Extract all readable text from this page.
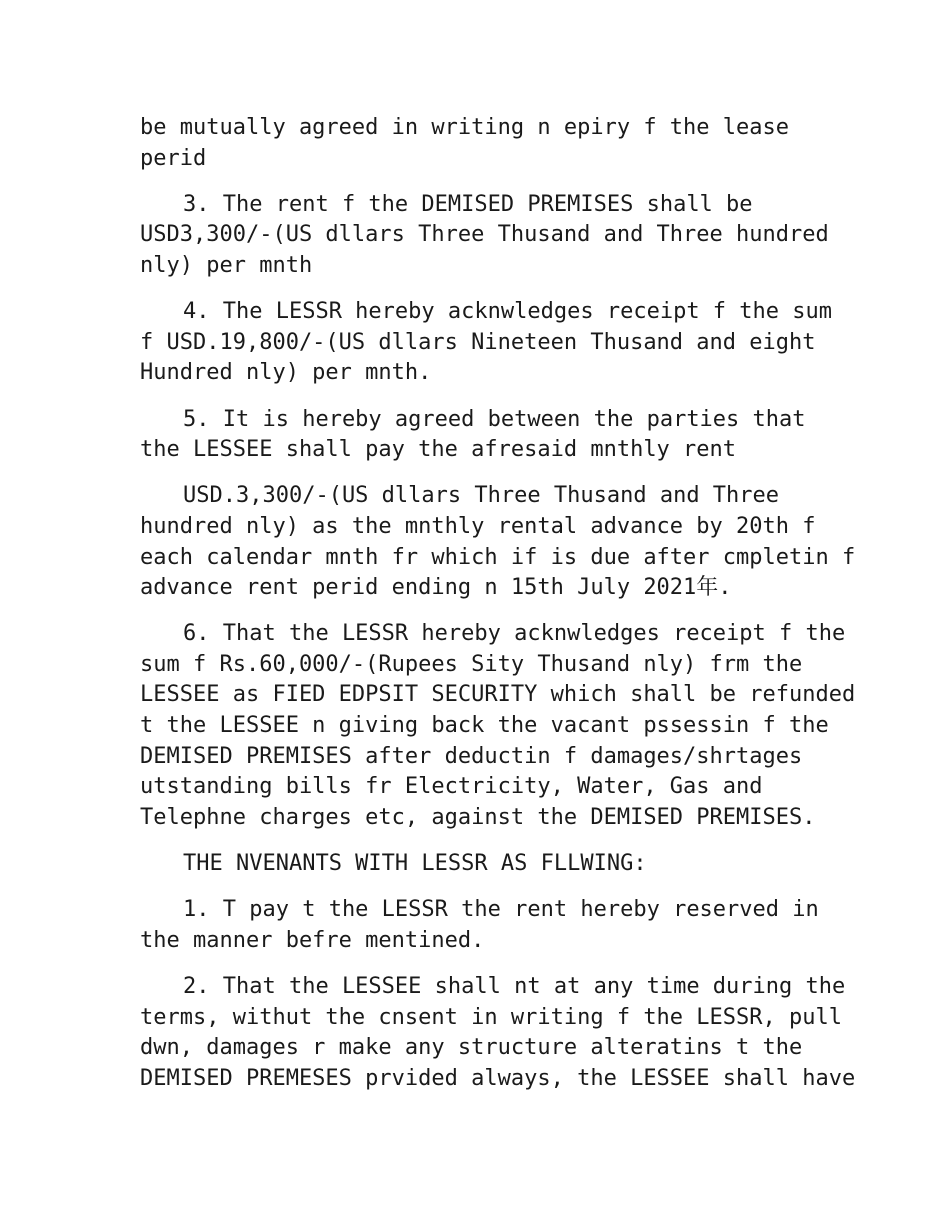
be mutually agreed in writing n epiry f the lease
perid
3. The rent f the DEMISED PREMISES shall be
USD3,300/-(US dllars Three Thusand and Three hundred
nly) per mnth
4. The LESSR hereby acknwledges receipt f the sum
f USD.19,800/-(US dllars Nineteen Thusand and eight
Hundred nly) per mnth.
5. It is hereby agreed between the parties that
the LESSEE shall pay the afresaid mnthly rent
USD.3,300/-(US dllars Three Thusand and Three
hundred nly) as the mnthly rental advance by 20th f
each calendar mnth fr which if is due after cmpletin f
advance rent perid ending n 15th July 2021年.
6. That the LESSR hereby acknwledges receipt f the
sum f Rs.60,000/-(Rupees Sity Thusand nly) frm the
LESSEE as FIED EDPSIT SECURITY which shall be refunded
t the LESSEE n giving back the vacant pssessin f the
DEMISED PREMISES after deductin f damages/shrtages
utstanding bills fr Electricity, Water, Gas and
Telephne charges etc, against the DEMISED PREMISES.
THE NVENANTS WITH LESSR AS FLLWING:
1. T pay t the LESSR the rent hereby reserved in
the manner befre mentined.
2. That the LESSEE shall nt at any time during the
terms, withut the cnsent in writing f the LESSR, pull
dwn, damages r make any structure alteratins t the
DEMISED PREMESES prvided always, the LESSEE shall have
